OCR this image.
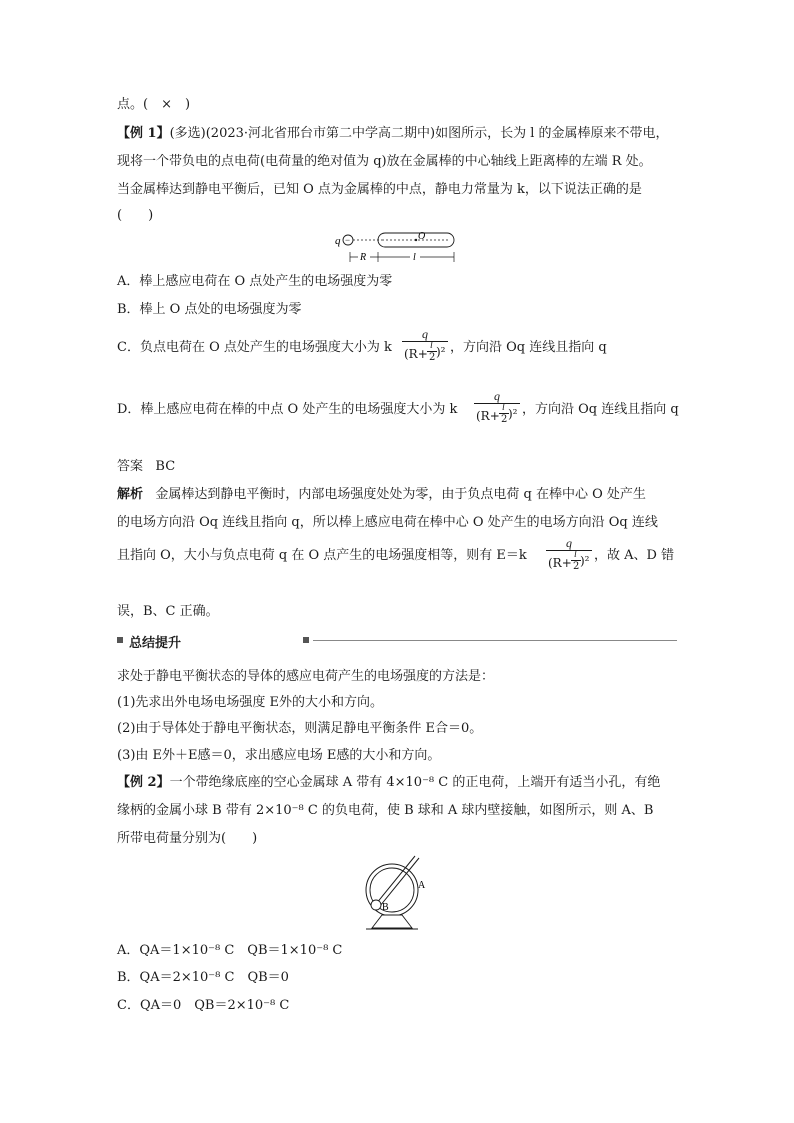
点。(　×　)
【例 1】(多选)(2023·河北省邢台市第二中学高二期中)如图所示，长为 l 的金属棒原来不带电，
现将一个带负电的点电荷(电荷量的绝对值为 q)放在金属棒的中心轴线上距离棒的左端 R 处。
当金属棒达到静电平衡后，已知 O 点为金属棒的中点，静电力常量为 k，以下说法正确的是
(　　)
q −	O
R	l
A．棒上感应电荷在 O 点处产生的电场强度为零
B．棒上 O 点处的电场强度为零
C．负点电荷在 O 点处产生的电场强度大小为 k
q
(R+
l
2 )² ，方向沿 Oq 连线且指向 q
D．棒上感应电荷在棒的中点 O 处产生的电场强度大小为 k
q
(R+
l
2 )² ，方向沿 Oq 连线且指向 q
答案 BC
解析 金属棒达到静电平衡时，内部电场强度处处为零，由于负点电荷 q 在棒中心 O 处产生
的电场方向沿 Oq 连线且指向 q，所以棒上感应电荷在棒中心 O 处产生的电场方向沿 Oq 连线
且指向 O，大小与负点电荷 q 在 O 点产生的电场强度相等，则有 E＝k
q
(R+
l
2 )² ，故 A、D 错
误，B、C 正确。
总结提升
求处于静电平衡状态的导体的感应电荷产生的电场强度的方法是：
(1)先求出外电场电场强度 E外的大小和方向。
(2)由于导体处于静电平衡状态，则满足静电平衡条件 E合＝0。
(3)由 E外＋E感＝0，求出感应电场 E感的大小和方向。
【例 2】一个带绝缘底座的空心金属球 A 带有 4×10⁻⁸ C 的正电荷，上端开有适当小孔，有绝
缘柄的金属小球 B 带有 2×10⁻⁸ C 的负电荷，使 B 球和 A 球内壁接触，如图所示，则 A、B
所带电荷量分别为(　　)
B
A
A．QA＝1×10⁻⁸ C　QB＝1×10⁻⁸ C
B．QA＝2×10⁻⁸ C　QB＝0
C．QA＝0　QB＝2×10⁻⁸ C
